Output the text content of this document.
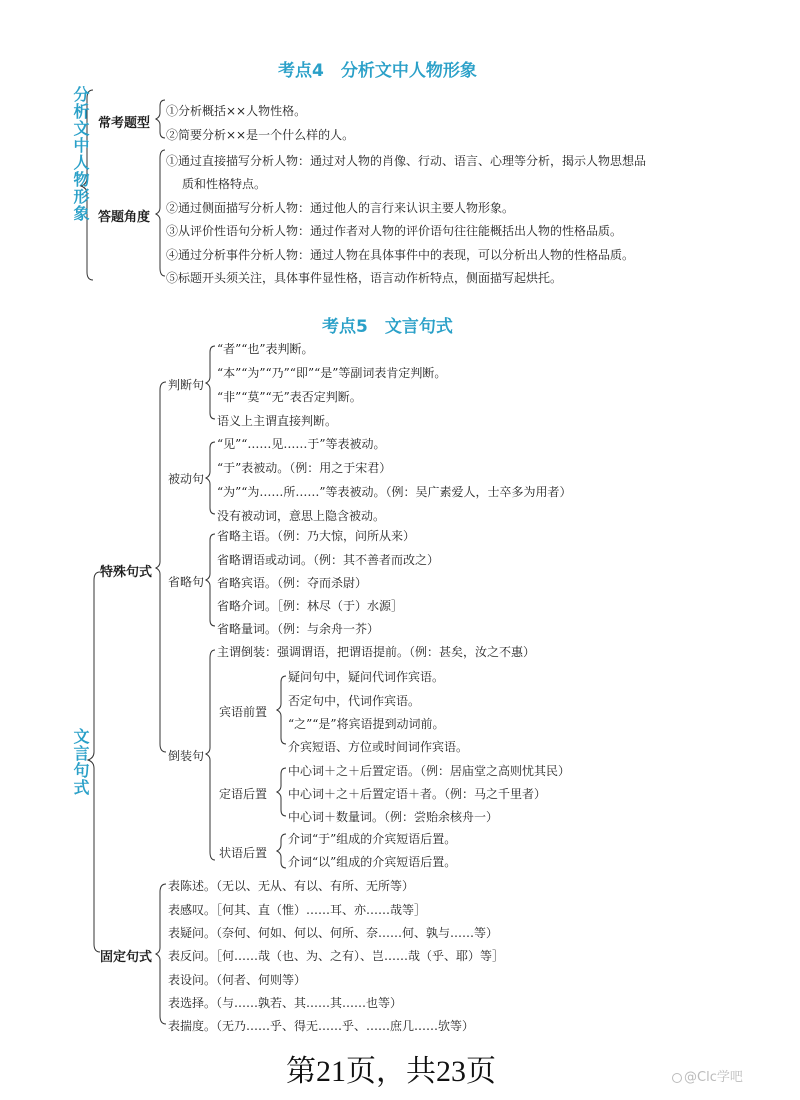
考点4　分析文中人物形象
分析文中人物形象 常考题型
①分析概括××人物性格。
②简要分析××是一个什么样的人。
答题角度
①通过直接描写分析人物：通过对人物的肖像、行动、语言、心理等分析，揭示人物思想品
质和性格特点。
②通过侧面描写分析人物：通过他人的言行来认识主要人物形象。
③从评价性语句分析人物：通过作者对人物的评价语句往往能概括出人物的性格品质。
④通过分析事件分析人物：通过人物在具体事件中的表现，可以分析出人物的性格品质。
⑤标题开头须关注，具体事件显性格，语言动作析特点，侧面描写起烘托。
考点5　文言句式
文言句式
特殊句式
判断句
“者”“也”表判断。
“本”“为”“乃”“即”“是”等副词表肯定判断。
“非”“莫”“无”表否定判断。
语义上主谓直接判断。
被动句
“见”“……见……于”等表被动。
“于”表被动。（例：用之于宋君）
“为”“为……所……”等表被动。（例：吴广素爱人，士卒多为用者）
没有被动词，意思上隐含被动。
省略句
省略主语。（例：乃大惊，问所从来）
省略谓语或动词。（例：其不善者而改之）
省略宾语。（例：夺而杀尉）
省略介词。［例：林尽（于）水源］
省略量词。（例：与余舟一芥）
倒装句
主谓倒装：强调谓语，把谓语提前。（例：甚矣，汝之不惠）
宾语前置
疑问句中，疑问代词作宾语。
否定句中，代词作宾语。
“之”“是”将宾语提到动词前。
介宾短语、方位或时间词作宾语。
定语后置
中心词＋之＋后置定语。（例：居庙堂之高则忧其民）
中心词＋之＋后置定语＋者。（例：马之千里者）
中心词＋数量词。（例：尝贻余核舟一）
状语后置
介词“于”组成的介宾短语后置。
介词“以”组成的介宾短语后置。
固定句式
表陈述。（无以、无从、有以、有所、无所等）
表感叹。［何其、直（惟）……耳、亦……哉等］
表疑问。（奈何、何如、何以、何所、奈……何、孰与……等）
表反问。［何……哉（也、为、之有）、岂……哉（乎、耶）等］
表设问。（何者、何则等）
表选择。（与……孰若、其……其……也等）
表揣度。（无乃……乎、得无……乎、……庶几……欤等）
第21页，共23页	@Clc学吧
